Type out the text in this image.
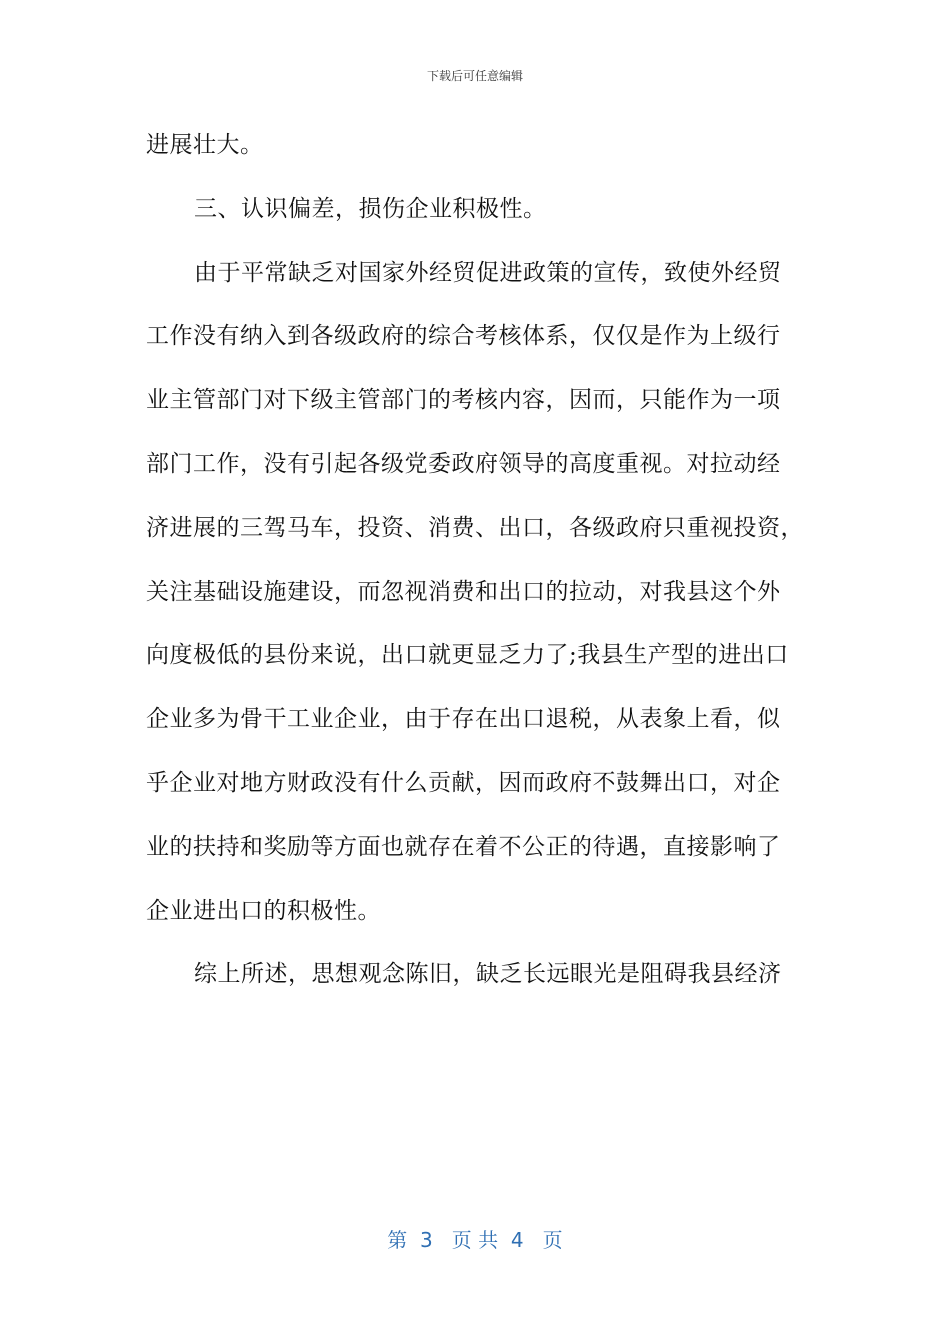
下载后可任意编辑
进展壮大。
三、认识偏差，损伤企业积极性。
由于平常缺乏对国家外经贸促进政策的宣传，致使外经贸
工作没有纳入到各级政府的综合考核体系，仅仅是作为上级行
业主管部门对下级主管部门的考核内容，因而，只能作为一项
部门工作，没有引起各级党委政府领导的高度重视。对拉动经
济进展的三驾马车，投资、消费、出口，各级政府只重视投资，
关注基础设施建设，而忽视消费和出口的拉动，对我县这个外
向度极低的县份来说，出口就更显乏力了;我县生产型的进出口
企业多为骨干工业企业，由于存在出口退税，从表象上看，似
乎企业对地方财政没有什么贡献，因而政府不鼓舞出口，对企
业的扶持和奖励等方面也就存在着不公正的待遇，直接影响了
企业进出口的积极性。
综上所述，思想观念陈旧，缺乏长远眼光是阻碍我县经济
第  3   页 共  4   页
